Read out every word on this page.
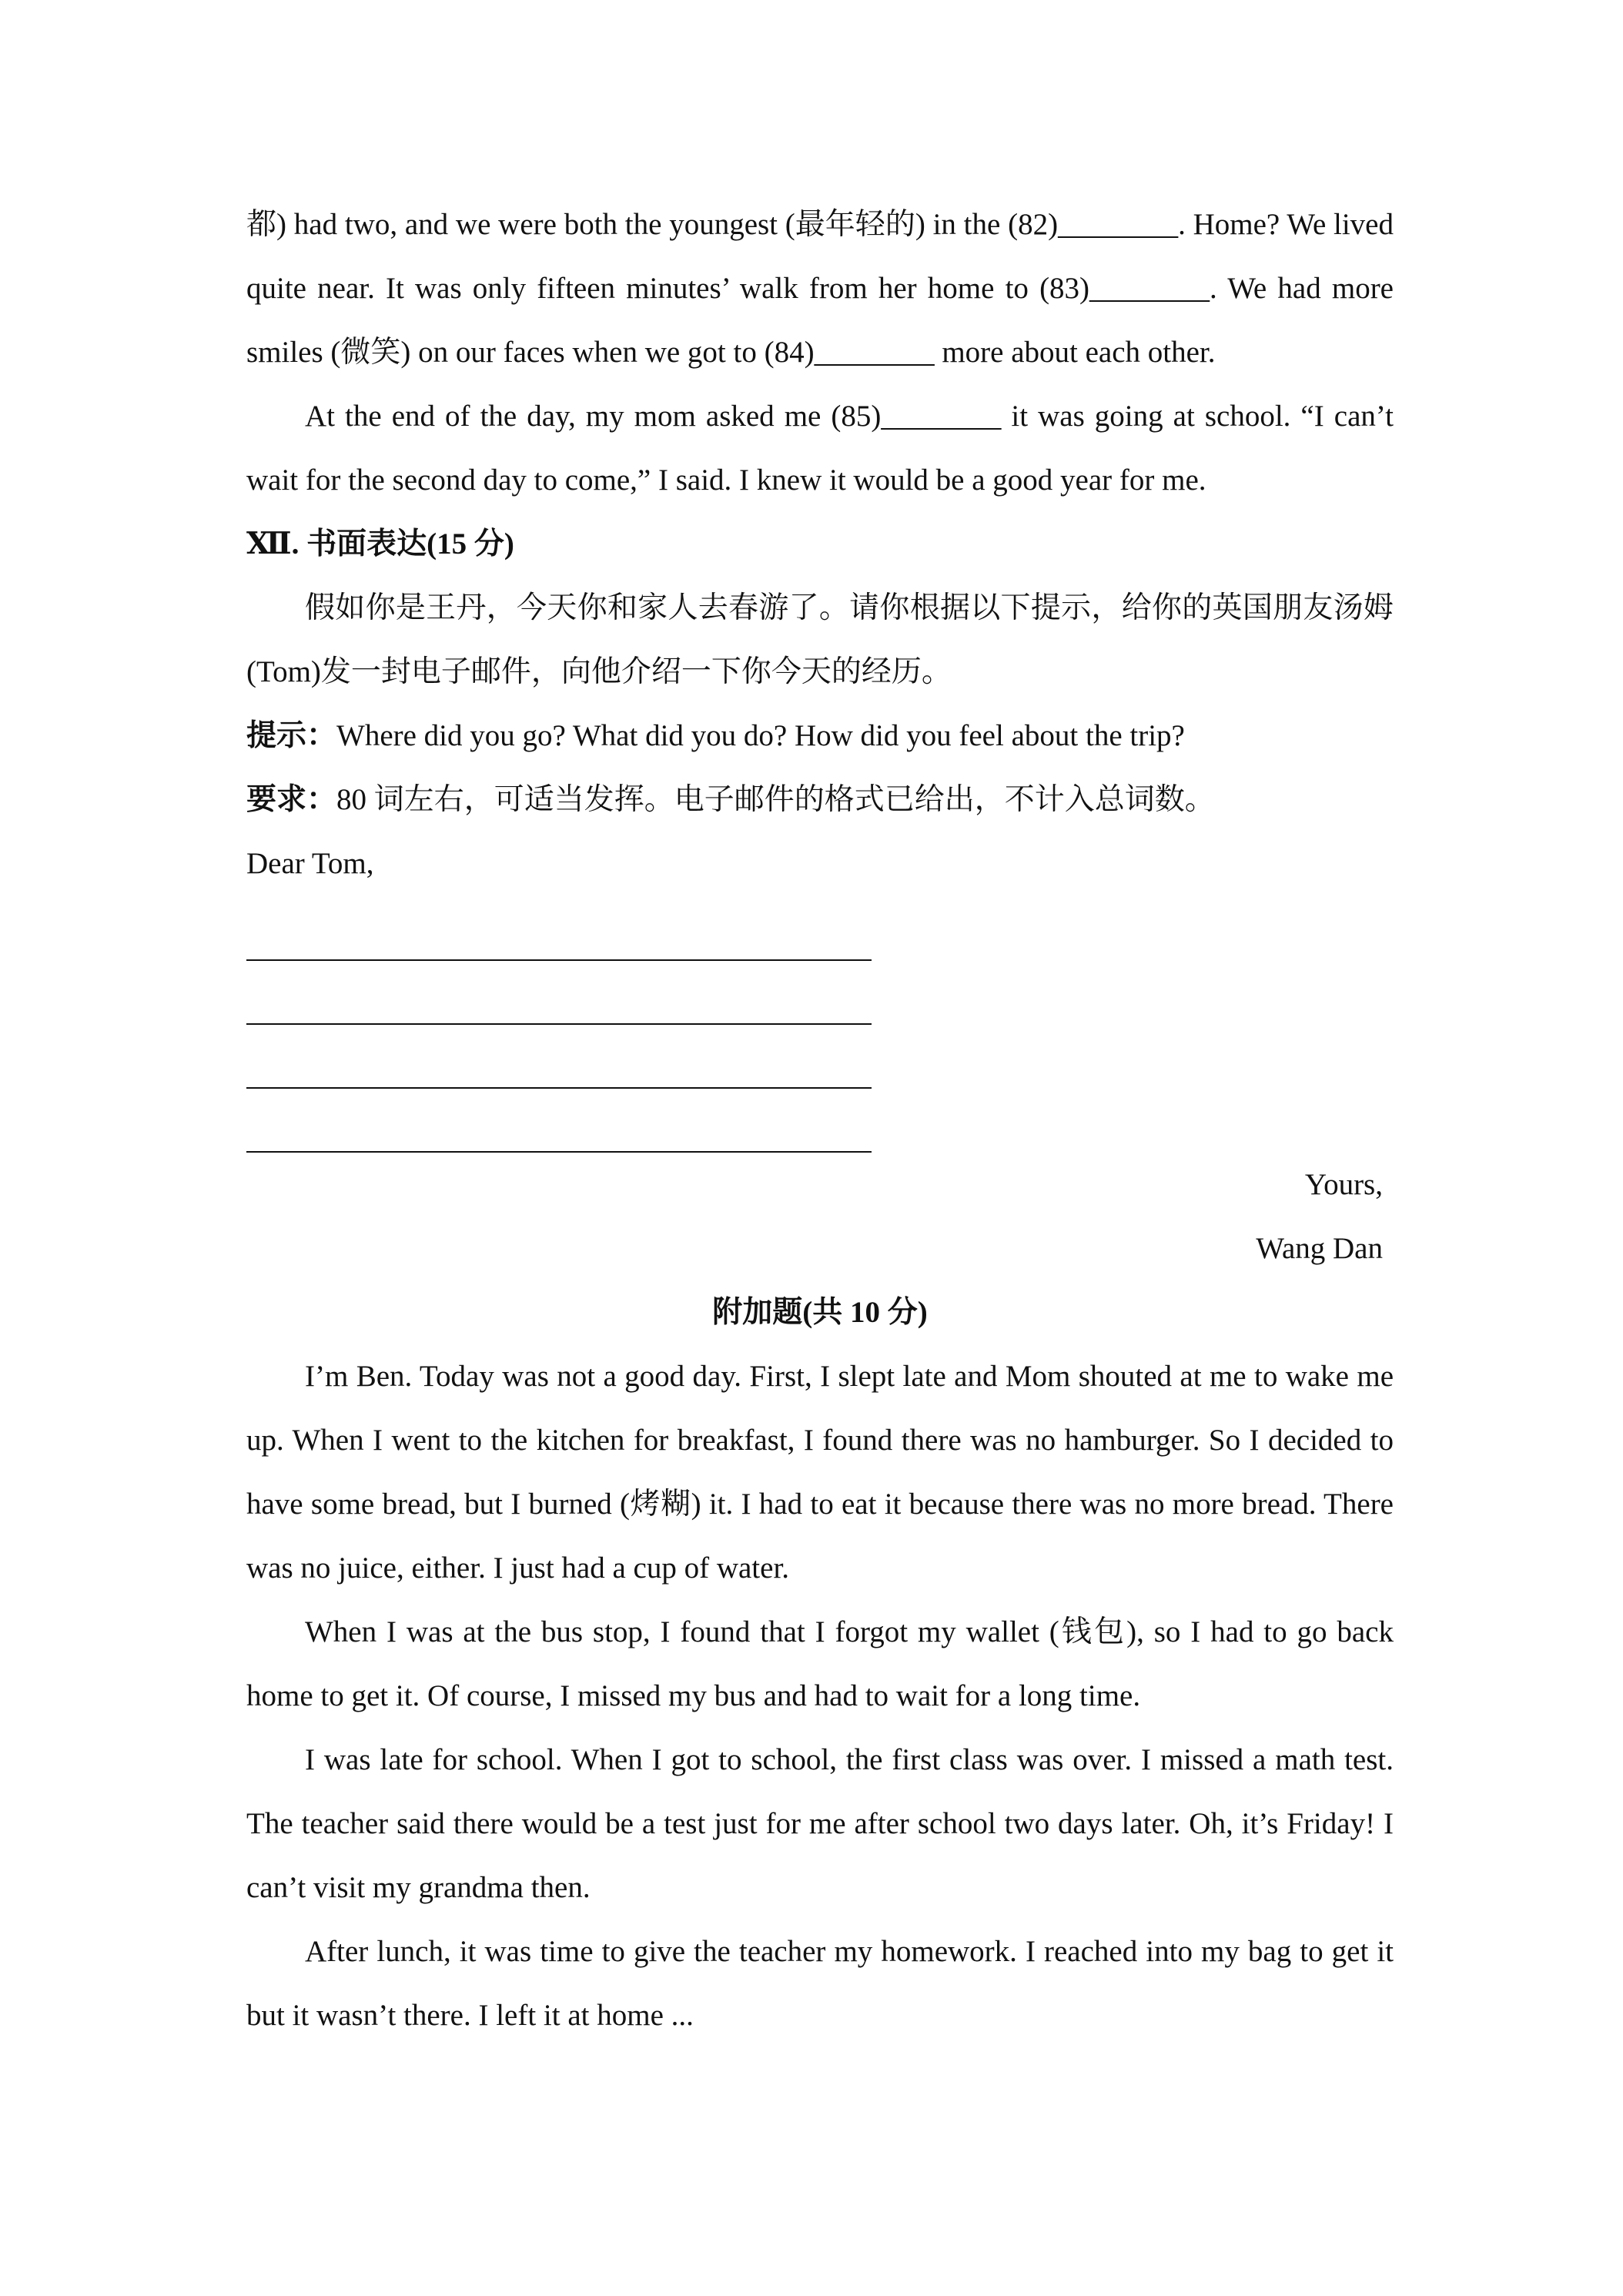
都) had two, and we were both the youngest (最年轻的) in the (82)________. Home? We lived quite near. It was only fifteen minutes’ walk from her home to (83)________. We had more smiles (微笑) on our faces when we got to (84)________ more about each other.

At the end of the day, my mom asked me (85)________ it was going at school. “I can’t wait for the second day to come,” I said. I knew it would be a good year for me.

Ⅻ. 书面表达(15 分)

假如你是王丹，今天你和家人去春游了。请你根据以下提示，给你的英国朋友汤姆(Tom)发一封电子邮件，向他介绍一下你今天的经历。

提示：Where did you go? What did you do? How did you feel about the trip?

要求：80 词左右，可适当发挥。电子邮件的格式已给出，不计入总词数。

Dear Tom,

Yours,

Wang Dan

附加题(共 10 分)

I’m Ben. Today was not a good day. First, I slept late and Mom shouted at me to wake me up. When I went to the kitchen for breakfast, I found there was no hamburger. So I decided to have some bread, but I burned (烤糊) it. I had to eat it because there was no more bread. There was no juice, either. I just had a cup of water.

When I was at the bus stop, I found that I forgot my wallet (钱包), so I had to go back home to get it. Of course, I missed my bus and had to wait for a long time.

I was late for school. When I got to school, the first class was over. I missed a math test. The teacher said there would be a test just for me after school two days later. Oh, it’s Friday! I can’t visit my grandma then.

After lunch, it was time to give the teacher my homework. I reached into my bag to get it but it wasn’t there. I left it at home ...
